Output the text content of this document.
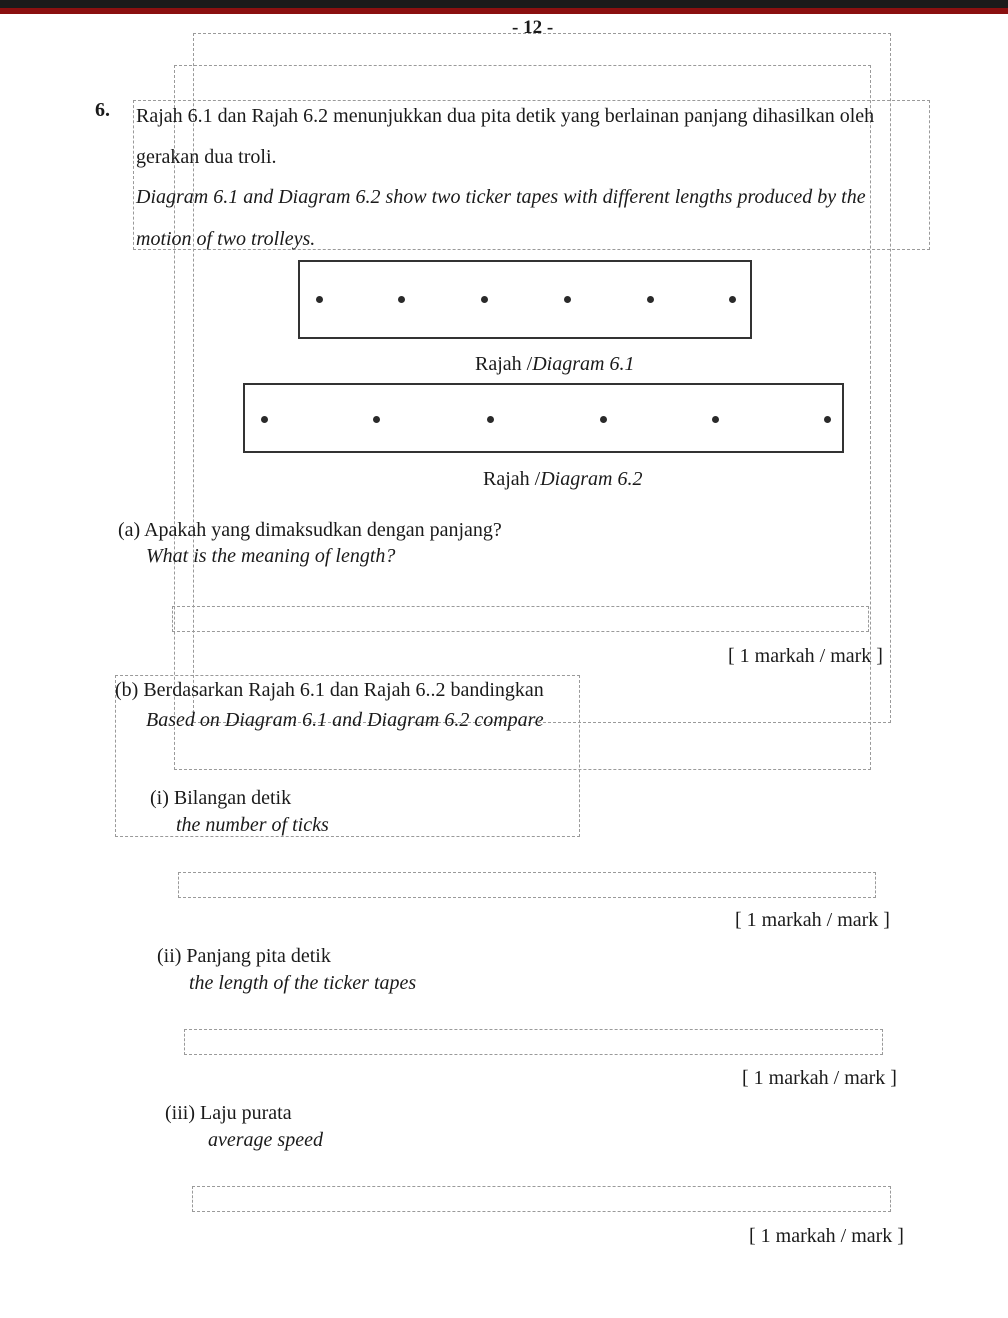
- 12 -
6. Rajah 6.1 dan Rajah 6.2 menunjukkan dua pita detik yang berlainan panjang dihasilkan oleh
gerakan dua troli.
Diagram 6.1 and Diagram 6.2 show two ticker tapes with different lengths produced by the
motion of two trolleys.
Rajah /Diagram 6.1
Rajah /Diagram 6.2
(a) Apakah yang dimaksudkan dengan panjang?
What is the meaning of length?
[ 1 markah / mark ]
(b) Berdasarkan Rajah 6.1 dan Rajah 6..2 bandingkan
Based on Diagram 6.1 and Diagram 6.2 compare
(i) Bilangan detik
the number of ticks
[ 1 markah / mark ]
(ii) Panjang pita detik
the length of the ticker tapes
[ 1 markah / mark ]
(iii) Laju purata
average speed
[ 1 markah / mark ]
